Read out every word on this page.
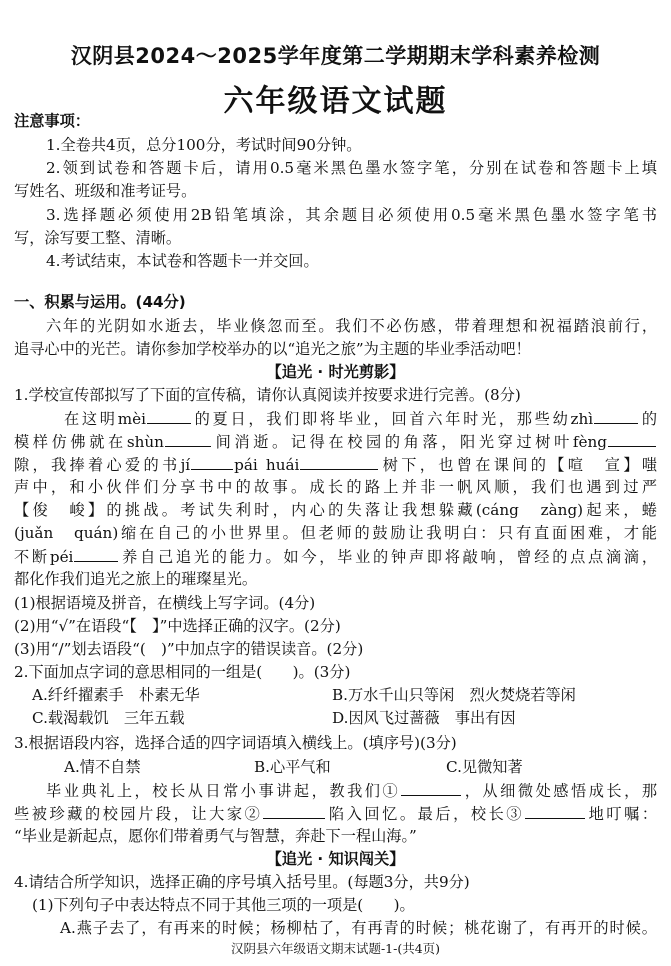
汉阴县2024～2025学年度第二学期期末学科素养检测
六年级语文试题
注意事项：
1.全卷共4页，总分100分，考试时间90分钟。
2.领到试卷和答题卡后，请用0.5毫米黑色墨水签字笔，分别在试卷和答题卡上填
写姓名、班级和准考证号。
3.选择题必须使用2B铅笔填涂，其余题目必须使用0.5毫米黑色墨水签字笔书
写，涂写要工整、清晰。
4.考试结束，本试卷和答题卡一并交回。
一、积累与运用。(44分)
六年的光阴如水逝去，毕业倏忽而至。我们不必伤感，带着理想和祝福踏浪前行，
追寻心中的光芒。请你参加学校举办的以“追光之旅”为主题的毕业季活动吧！
【追光 · 时光剪影】
1.学校宣传部拟写了下面的宣传稿，请你认真阅读并按要求进行完善。(8分)
在这明mèi	的夏日，我们即将毕业，回首六年时光，那些幼zhì	的
模样仿佛就在shùn	间消逝。记得在校园的角落，阳光穿过树叶fèng
隙，我捧着心爱的书jí	pái huái	树下，也曾在课间的【喧　宣】嗤
声中，和小伙伴们分享书中的故事。成长的路上并非一帆风顺，我们也遇到过严
【俊　峻】的挑战。考试失利时，内心的失落让我想躲藏(cáng　zàng)起来，蜷
(juǎn　quán)缩在自己的小世界里。但老师的鼓励让我明白：只有直面困难，才能
不断péi	养自己追光的能力。如今，毕业的钟声即将敲响，曾经的点点滴滴，
都化作我们追光之旅上的璀璨星光。
(1)根据语境及拼音，在横线上写字词。(4分)
(2)用“√”在语段“【　】”中选择正确的汉字。(2分)
(3)用“/”划去语段“(　)”中加点字的错误读音。(2分)
2.下面加点字词的意思相同的一组是(　　)。(3分)
A.纤纤擢素手　朴素无华	B.万水千山只等闲　烈火焚烧若等闲
C.载渴载饥　三年五载	D.因风飞过蔷薇　事出有因
3.根据语段内容，选择合适的四字词语填入横线上。(填序号)(3分)
A.情不自禁	B.心平气和	C.见微知著
毕业典礼上，校长从日常小事讲起，教我们①	，从细微处感悟成长，那
些被珍藏的校园片段，让大家②	陷入回忆。最后，校长③	地叮嘱：
“毕业是新起点，愿你们带着勇气与智慧，奔赴下一程山海。”
【追光 · 知识闯关】
4.请结合所学知识，选择正确的序号填入括号里。(每题3分，共9分)
(1)下列句子中表达特点不同于其他三项的一项是(　　)。
A.燕子去了，有再来的时候；杨柳枯了，有再青的时候；桃花谢了，有再开的时候。
汉阴县六年级语文期末试题-1-(共4页)
